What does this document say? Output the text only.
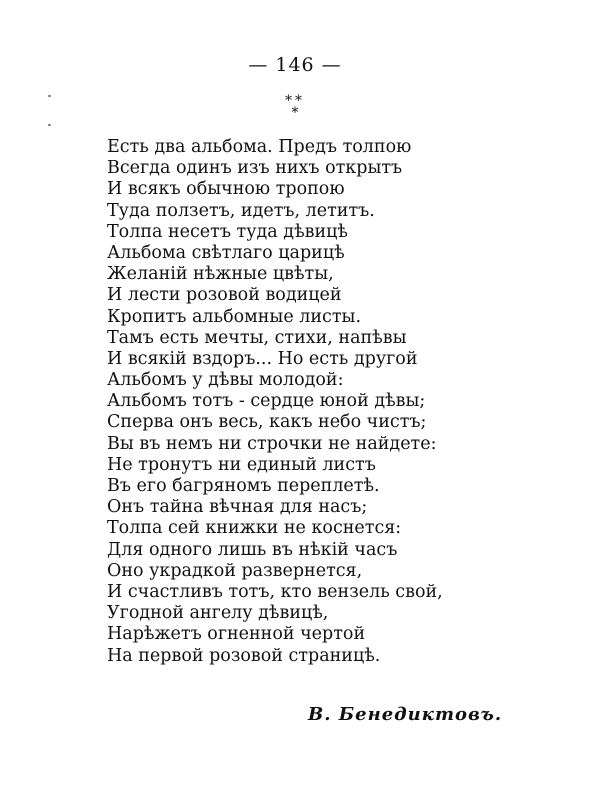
— 146 —
**
*
Есть два альбома. Предъ толпою
Всегда одинъ изъ нихъ открытъ
И всякъ обычною тропою
Туда ползетъ, идетъ, летитъ.
Толпа несетъ туда дѣвицѣ
Альбома свѣтлаго царицѣ
Желаній нѣжные цвѣты,
И лести розовой водицей
Кропитъ альбомные листы.
Тамъ есть мечты, стихи, напѣвы
И всякій вздоръ... Но есть другой
Альбомъ у дѣвы молодой:
Альбомъ тотъ - сердце юной дѣвы;
Сперва онъ весь, какъ небо чистъ;
Вы въ немъ ни строчки не найдете:
Не тронутъ ни единый листъ
Въ его багряномъ переплетѣ.
Онъ тайна вѣчная для насъ;
Толпа сей книжки не коснется:
Для одного лишь въ нѣкій часъ
Оно украдкой развернется,
И счастливъ тотъ, кто вензель свой,
Угодной ангелу дѣвицѣ,
Нарѣжетъ огненной чертой
На первой розовой страницѣ.
В. Бенедиктовъ.
